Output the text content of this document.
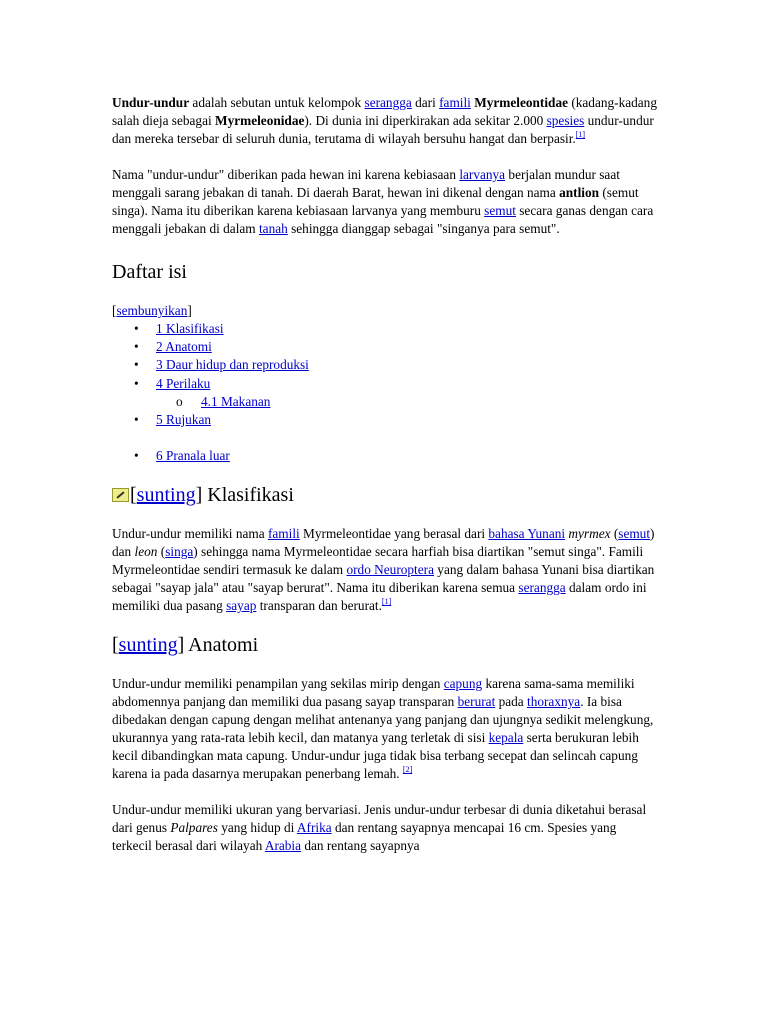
Undur-undur adalah sebutan untuk kelompok serangga dari famili Myrmeleontidae (kadang-kadang salah dieja sebagai Myrmeleonidae). Di dunia ini diperkirakan ada sekitar 2.000 spesies undur-undur dan mereka tersebar di seluruh dunia, terutama di wilayah bersuhu hangat dan berpasir.[1]

Nama "undur-undur" diberikan pada hewan ini karena kebiasaan larvanya berjalan mundur saat menggali sarang jebakan di tanah. Di daerah Barat, hewan ini dikenal dengan nama antlion (semut singa). Nama itu diberikan karena kebiasaan larvanya yang memburu semut secara ganas dengan cara menggali jebakan di dalam tanah sehingga dianggap sebagai "singanya para semut".

Daftar isi

[sembunyikan]

• 1 Klasifikasi
• 2 Anatomi
• 3 Daur hidup dan reproduksi
• 4 Perilaku
o 4.1 Makanan
• 5 Rujukan
• 6 Pranala luar
[sunting] Klasifikasi

Undur-undur memiliki nama famili Myrmeleontidae yang berasal dari bahasa Yunani myrmex (semut) dan leon (singa) sehingga nama Myrmeleontidae secara harfiah bisa diartikan "semut singa". Famili Myrmeleontidae sendiri termasuk ke dalam ordo Neuroptera yang dalam bahasa Yunani bisa diartikan sebagai "sayap jala" atau "sayap berurat". Nama itu diberikan karena semua serangga dalam ordo ini memiliki dua pasang sayap transparan dan berurat.[1]

[sunting] Anatomi

Undur-undur memiliki penampilan yang sekilas mirip dengan capung karena sama-sama memiliki abdomennya panjang dan memiliki dua pasang sayap transparan berurat pada thoraxnya. Ia bisa dibedakan dengan capung dengan melihat antenanya yang panjang dan ujungnya sedikit melengkung, ukurannya yang rata-rata lebih kecil, dan matanya yang terletak di sisi kepala serta berukuran lebih kecil dibandingkan mata capung. Undur-undur juga tidak bisa terbang secepat dan selincah capung karena ia pada dasarnya merupakan penerbang lemah. [2]

Undur-undur memiliki ukuran yang bervariasi. Jenis undur-undur terbesar di dunia diketahui berasal dari genus Palpares yang hidup di Afrika dan rentang sayapnya mencapai 16 cm. Spesies yang terkecil berasal dari wilayah Arabia dan rentang sayapnya
